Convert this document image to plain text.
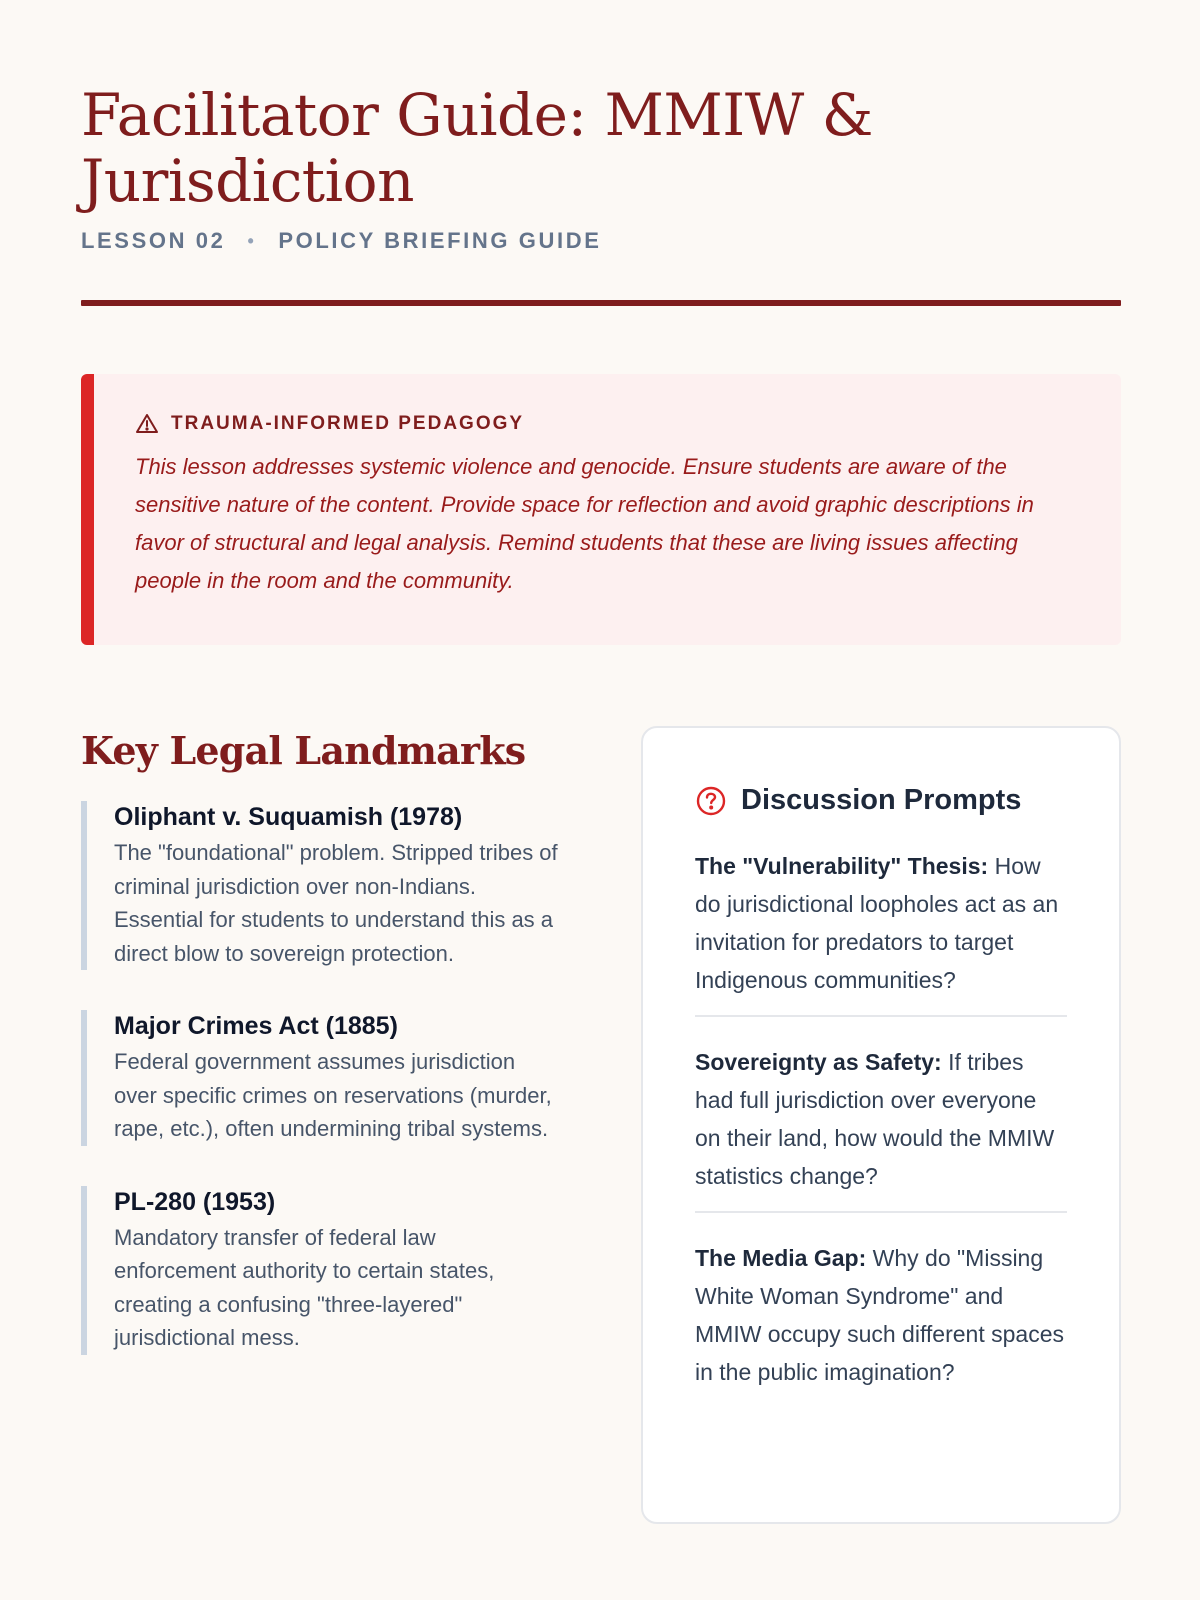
Facilitator Guide: MMIW & Jurisdiction
LESSON 02 • POLICY BRIEFING GUIDE
TRAUMA-INFORMED PEDAGOGY

This lesson addresses systemic violence and genocide. Ensure students are aware of the sensitive nature of the content. Provide space for reflection and avoid graphic descriptions in favor of structural and legal analysis. Remind students that these are living issues affecting people in the room and the community.

Key Legal Landmarks
Oliphant v. Suquamish (1978)
The "foundational" problem. Stripped tribes of criminal jurisdiction over non-Indians. Essential for students to understand this as a direct blow to sovereign protection.
Major Crimes Act (1885)
Federal government assumes jurisdiction over specific crimes on reservations (murder, rape, etc.), often undermining tribal systems.
PL-280 (1953)
Mandatory transfer of federal law enforcement authority to certain states, creating a confusing "three-layered" jurisdictional mess.
Discussion Prompts
The "Vulnerability" Thesis: How do jurisdictional loopholes act as an invitation for predators to target Indigenous communities?
Sovereignty as Safety: If tribes had full jurisdiction over everyone on their land, how would the MMIW statistics change?
The Media Gap: Why do "Missing White Woman Syndrome" and MMIW occupy such different spaces in the public imagination?
